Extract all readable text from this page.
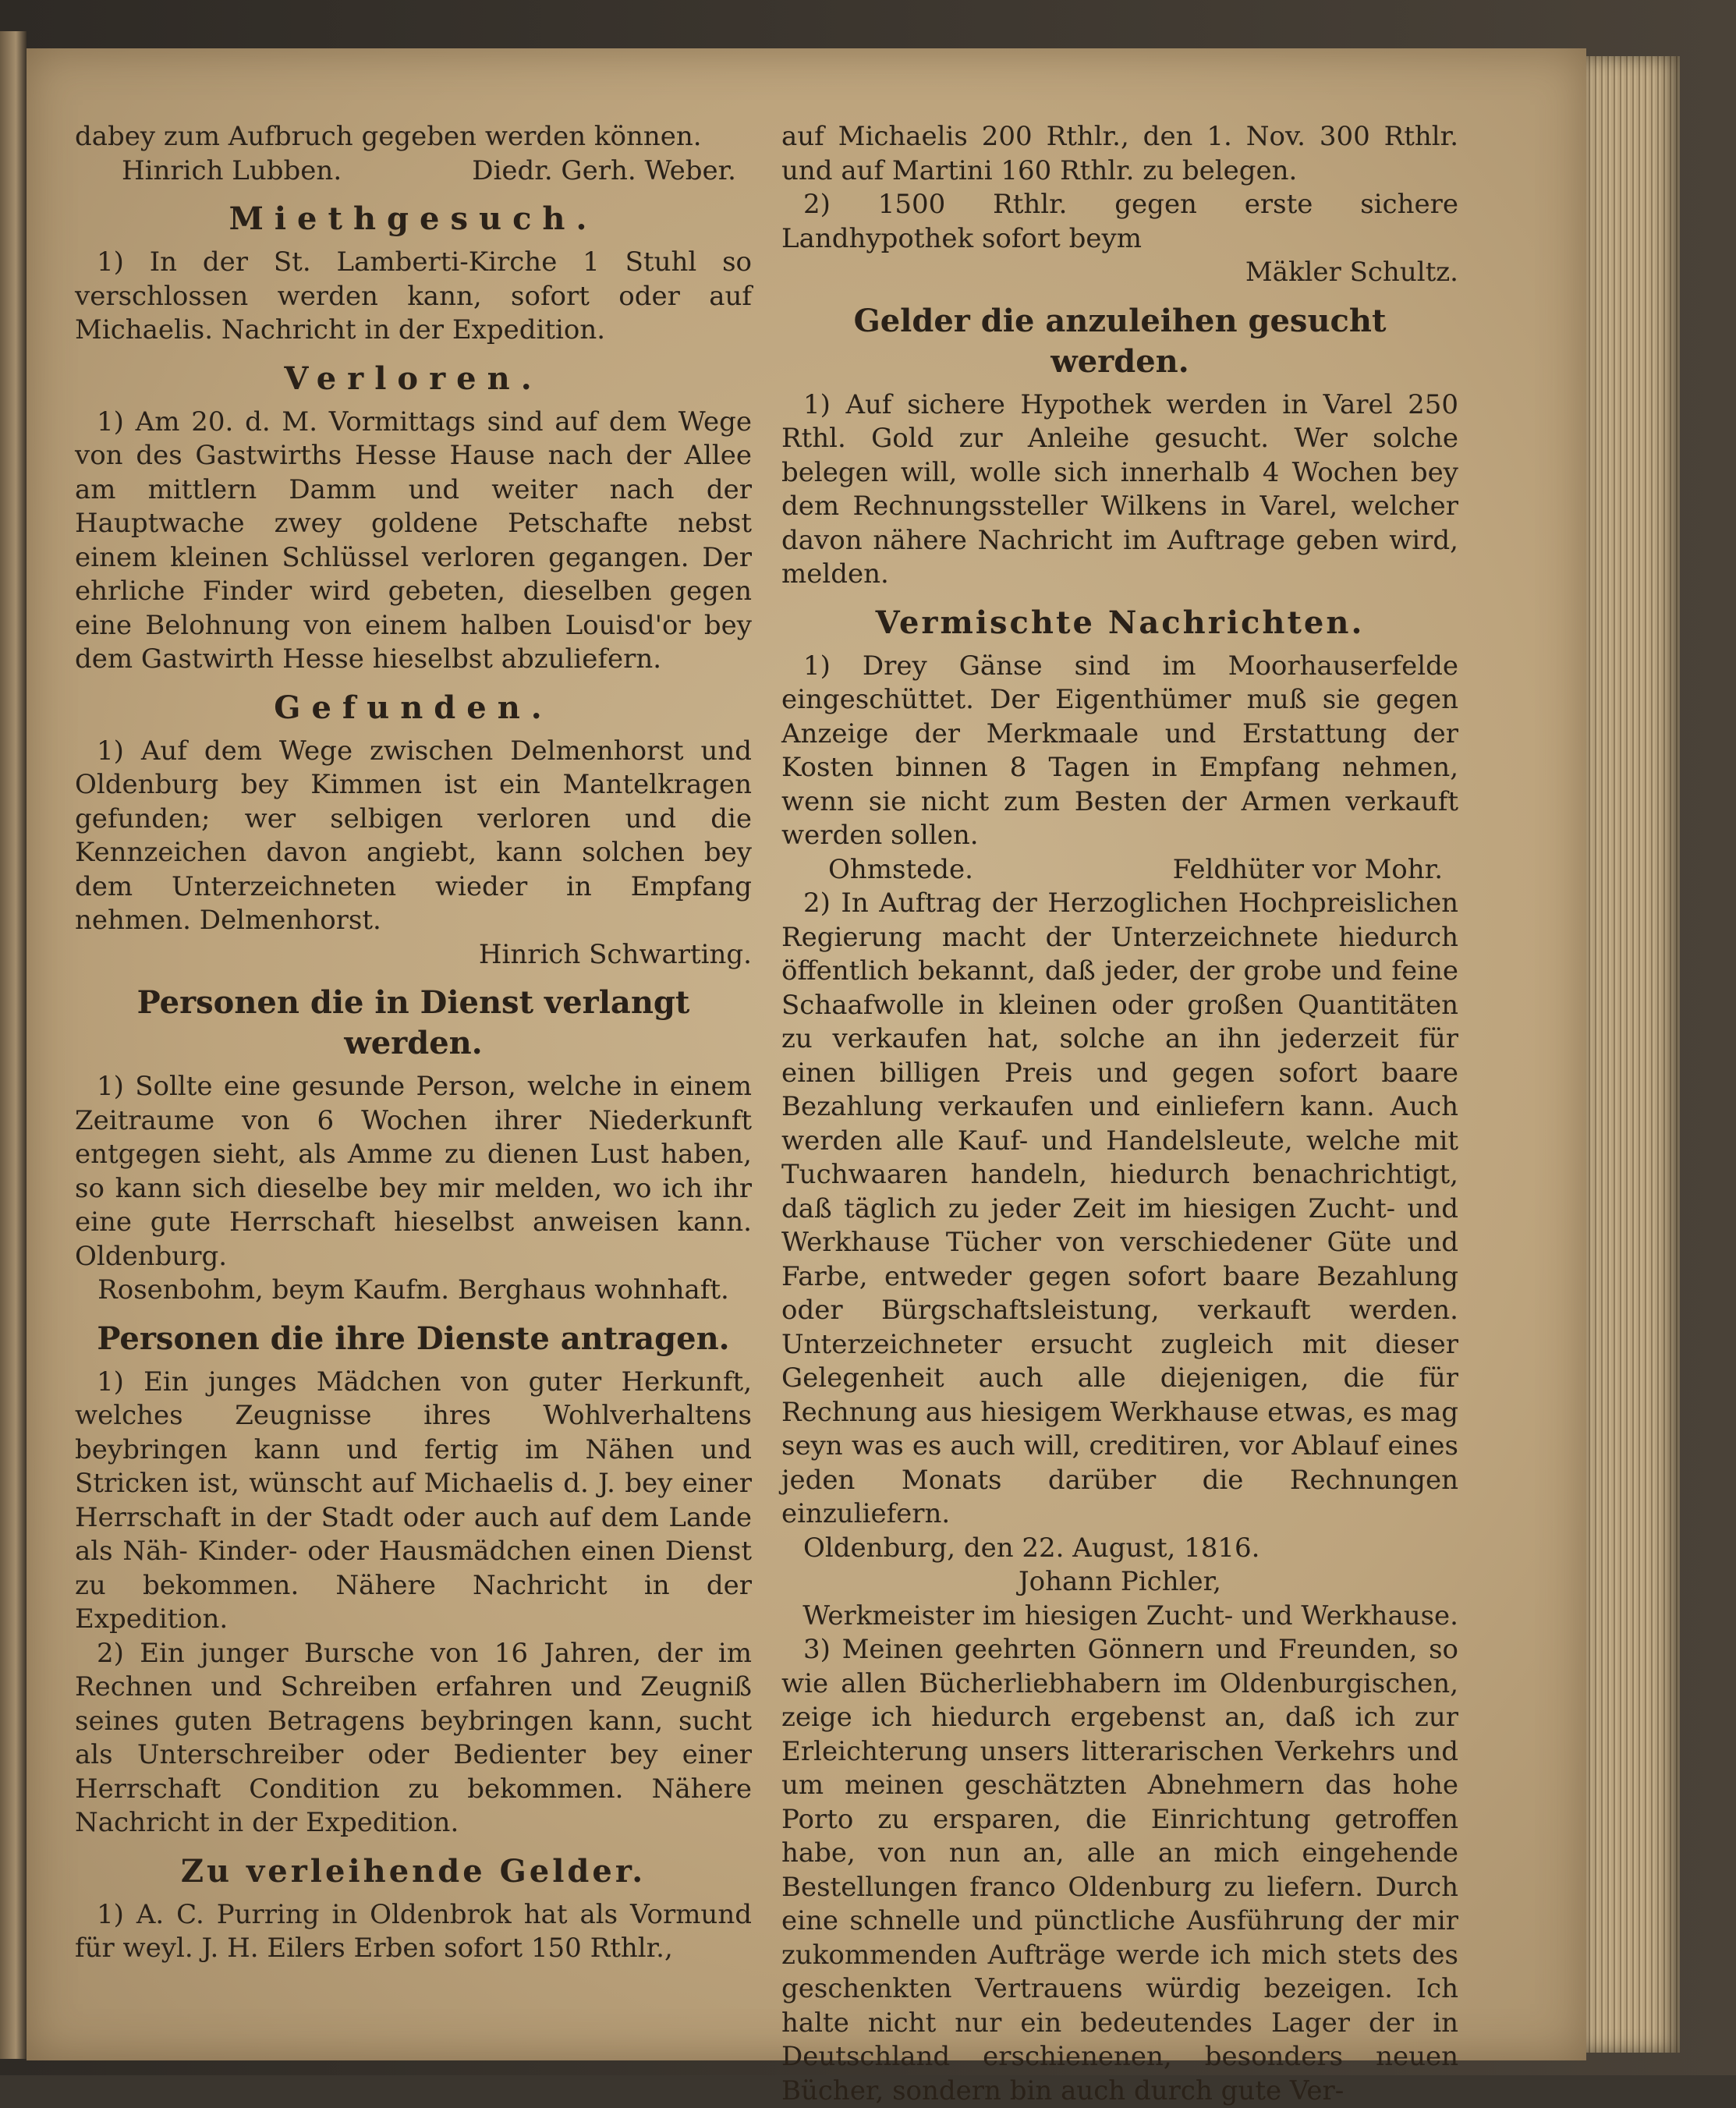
dabey zum Aufbruch gegeben werden können.

Hinrich Lubben.	Diedr. Gerh. Weber.
Miethgesuch.

1) In der St. Lamberti-Kirche 1 Stuhl so verschlossen werden kann, sofort oder auf Michaelis. Nachricht in der Expedition.

Verloren.

1) Am 20. d. M. Vormittags sind auf dem Wege von des Gastwirths Hesse Hause nach der Allee am mittlern Damm und weiter nach der Hauptwache zwey goldene Petschafte nebst einem kleinen Schlüssel verloren gegangen. Der ehrliche Finder wird gebeten, dieselben gegen eine Belohnung von einem halben Louisd'or bey dem Gastwirth Hesse hieselbst abzuliefern.

Gefunden.

1) Auf dem Wege zwischen Delmenhorst und Oldenburg bey Kimmen ist ein Mantelkragen gefunden; wer selbigen verloren und die Kennzeichen davon angiebt, kann solchen bey dem Unterzeichneten wieder in Empfang nehmen. Delmenhorst.

Hinrich Schwarting.

Personen die in Dienst verlangt werden.

1) Sollte eine gesunde Person, welche in einem Zeitraume von 6 Wochen ihrer Niederkunft entgegen sieht, als Amme zu dienen Lust haben, so kann sich dieselbe bey mir melden, wo ich ihr eine gute Herrschaft hieselbst anweisen kann. Oldenburg.

Rosenbohm, beym Kaufm. Berghaus wohnhaft.

Personen die ihre Dienste antragen.

1) Ein junges Mädchen von guter Herkunft, welches Zeugnisse ihres Wohlverhaltens beybringen kann und fertig im Nähen und Stricken ist, wünscht auf Michaelis d. J. bey einer Herrschaft in der Stadt oder auch auf dem Lande als Näh- Kinder- oder Hausmädchen einen Dienst zu bekommen. Nähere Nachricht in der Expedition.

2) Ein junger Bursche von 16 Jahren, der im Rechnen und Schreiben erfahren und Zeugniß seines guten Betragens beybringen kann, sucht als Unterschreiber oder Bedienter bey einer Herrschaft Condition zu bekommen. Nähere Nachricht in der Expedition.

Zu verleihende Gelder.

1) A. C. Purring in Oldenbrok hat als Vormund für weyl. J. H. Eilers Erben sofort 150 Rthlr.,

auf Michaelis 200 Rthlr., den 1. Nov. 300 Rthlr. und auf Martini 160 Rthlr. zu belegen.

2) 1500 Rthlr. gegen erste sichere Landhypothek sofort beym

Mäkler Schultz.

Gelder die anzuleihen gesucht werden.

1) Auf sichere Hypothek werden in Varel 250 Rthl. Gold zur Anleihe gesucht. Wer solche belegen will, wolle sich innerhalb 4 Wochen bey dem Rechnungssteller Wilkens in Varel, welcher davon nähere Nachricht im Auftrage geben wird, melden.

Vermischte Nachrichten.

1) Drey Gänse sind im Moorhauserfelde eingeschüttet. Der Eigenthümer muß sie gegen Anzeige der Merkmaale und Erstattung der Kosten binnen 8 Tagen in Empfang nehmen, wenn sie nicht zum Besten der Armen verkauft werden sollen.

Ohmstede.	Feldhüter vor Mohr.

2) In Auftrag der Herzoglichen Hochpreislichen Regierung macht der Unterzeichnete hiedurch öffentlich bekannt, daß jeder, der grobe und feine Schaafwolle in kleinen oder großen Quantitäten zu verkaufen hat, solche an ihn jederzeit für einen billigen Preis und gegen sofort baare Bezahlung verkaufen und einliefern kann. Auch werden alle Kauf- und Handelsleute, welche mit Tuchwaaren handeln, hiedurch benachrichtigt, daß täglich zu jeder Zeit im hiesigen Zucht- und Werkhause Tücher von verschiedener Güte und Farbe, entweder gegen sofort baare Bezahlung oder Bürgschaftsleistung, verkauft werden. Unterzeichneter ersucht zugleich mit dieser Gelegenheit auch alle diejenigen, die für Rechnung aus hiesigem Werkhause etwas, es mag seyn was es auch will, creditiren, vor Ablauf eines jeden Monats darüber die Rechnungen einzuliefern.

Oldenburg, den 22. August, 1816.

Johann Pichler,

Werkmeister im hiesigen Zucht- und Werkhause.

3) Meinen geehrten Gönnern und Freunden, so wie allen Bücherliebhabern im Oldenburgischen, zeige ich hiedurch ergebenst an, daß ich zur Erleichterung unsers litterarischen Verkehrs und um meinen geschätzten Abnehmern das hohe Porto zu ersparen, die Einrichtung getroffen habe, von nun an, alle an mich eingehende Bestellungen franco Oldenburg zu liefern. Durch eine schnelle und pünctliche Ausführung der mir zukommenden Aufträge werde ich mich stets des geschenkten Vertrauens würdig bezeigen. Ich halte nicht nur ein bedeutendes Lager der in Deutschland erschienenen, besonders neuen Bücher, sondern bin auch durch gute Ver-
